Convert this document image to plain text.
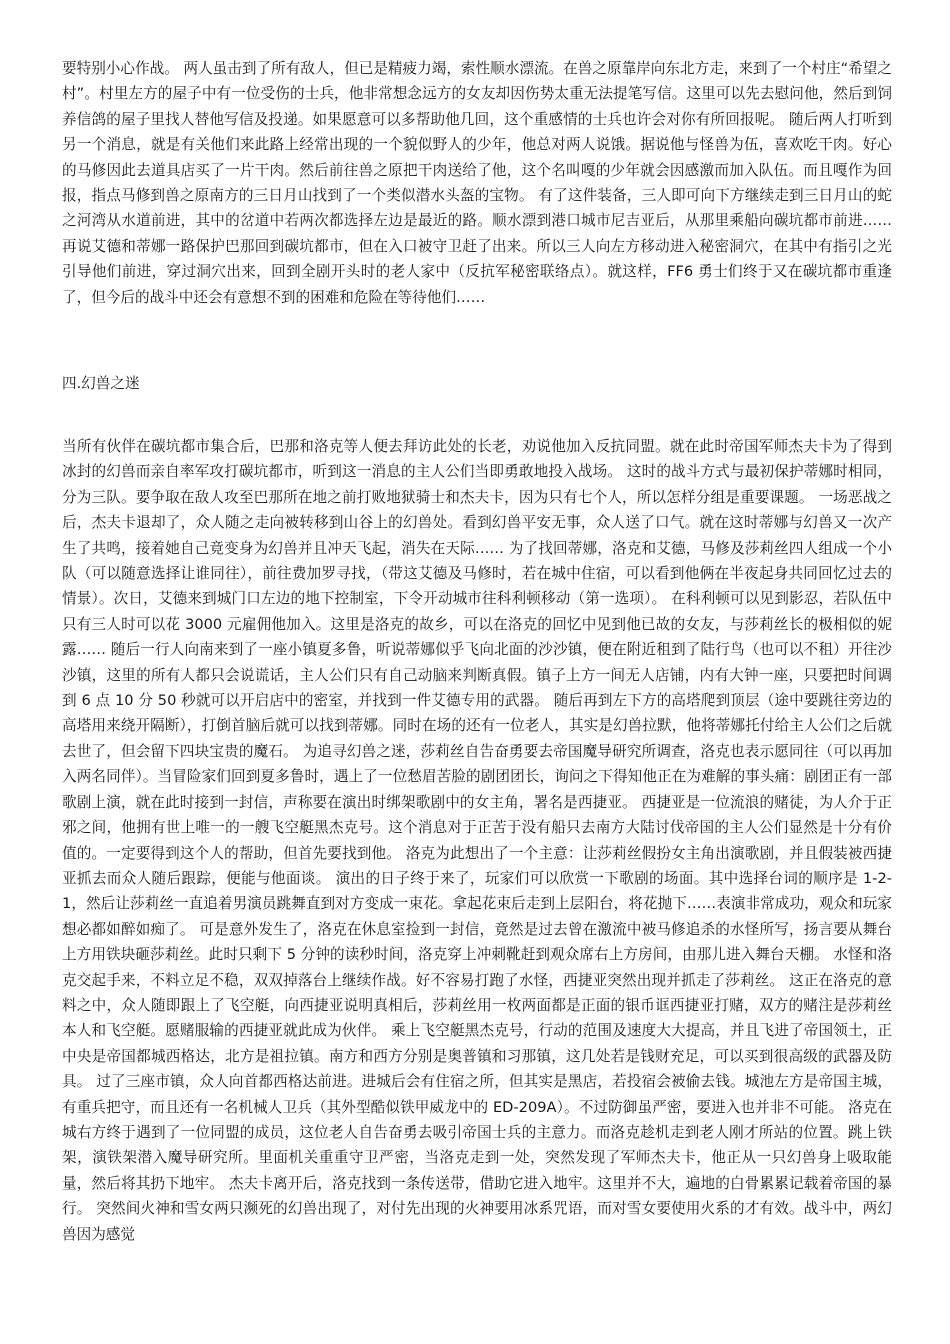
要特别小心作战。 两人虽击到了所有敌人，但已是精疲力竭，索性顺水漂流。在兽之原靠岸向东北方走，来到了一个村庄“希望之村”。村里左方的屋子中有一位受伤的士兵，他非常想念远方的女友却因伤势太重无法提笔写信。这里可以先去慰问他，然后到饲养信鸽的屋子里找人替他写信及投递。如果愿意可以多帮助他几回，这个重感情的士兵也许会对你有所回报呢。 随后两人打听到另一个消息，就是有关他们来此路上经常出现的一个貌似野人的少年，他总对两人说饿。据说他与怪兽为伍，喜欢吃干肉。好心的马修因此去道具店买了一片干肉。然后前往兽之原把干肉送给了他，这个名叫嘎的少年就会因感激而加入队伍。而且嘎作为回报，指点马修到兽之原南方的三日月山找到了一个类似潜水头盔的宝物。 有了这件装备，三人即可向下方继续走到三日月山的蛇之河湾从水道前进，其中的岔道中若两次都选择左边是最近的路。顺水漂到港口城市尼吉亚后，从那里乘船向碳坑都市前进…… 再说艾德和蒂娜一路保护巴那回到碳坑都市，但在入口被守卫赶了出来。所以三人向左方移动进入秘密洞穴，在其中有指引之光引导他们前进，穿过洞穴出来，回到全剧开头时的老人家中（反抗军秘密联络点）。就这样，FF6 勇士们终于又在碳坑都市重逢了，但今后的战斗中还会有意想不到的困难和危险在等待他们……

四.幻兽之迷

当所有伙伴在碳坑都市集合后，巴那和洛克等人便去拜访此处的长老，劝说他加入反抗同盟。就在此时帝国军师杰夫卡为了得到冰封的幻兽而亲自率军攻打碳坑都市，听到这一消息的主人公们当即勇敢地投入战场。 这时的战斗方式与最初保护蒂娜时相同，分为三队。要争取在敌人攻至巴那所在地之前打败地狱骑士和杰夫卡，因为只有七个人，所以怎样分组是重要课题。 一场恶战之后，杰夫卡退却了，众人随之走向被转移到山谷上的幻兽处。看到幻兽平安无事，众人送了口气。就在这时蒂娜与幻兽又一次产生了共鸣，接着她自己竟变身为幻兽并且冲天飞起，消失在天际…… 为了找回蒂娜，洛克和艾德，马修及莎莉丝四人组成一个小队（可以随意选择让谁同往），前往费加罗寻找，（带这艾德及马修时，若在城中住宿，可以看到他俩在半夜起身共同回忆过去的情景）。次日，艾德来到城门口左边的地下控制室，下令开动城市往科利顿移动（第一选项）。 在科利顿可以见到影忍，若队伍中只有三人时可以花 3000 元雇佣他加入。这里是洛克的故乡，可以在洛克的回忆中见到他已故的女友，与莎莉丝长的极相似的妮露…… 随后一行人向南来到了一座小镇夏多鲁，听说蒂娜似乎飞向北面的沙沙镇，便在附近租到了陆行鸟（也可以不租）开往沙沙镇，这里的所有人都只会说谎话，主人公们只有自己动脑来判断真假。镇子上方一间无人店铺，内有大钟一座，只要把时间调到 6 点 10 分 50 秒就可以开启店中的密室，并找到一件艾德专用的武器。 随后再到左下方的高塔爬到顶层（途中要跳往旁边的高塔用来绕开隔断），打倒首脑后就可以找到蒂娜。同时在场的还有一位老人，其实是幻兽拉默，他将蒂娜托付给主人公们之后就去世了，但会留下四块宝贵的魔石。 为追寻幻兽之迷，莎莉丝自告奋勇要去帝国魔导研究所调查，洛克也表示愿同往（可以再加入两名同伴）。当冒险家们回到夏多鲁时，遇上了一位愁眉苦脸的剧团团长，询问之下得知他正在为难解的事头痛：剧团正有一部歌剧上演，就在此时接到一封信，声称要在演出时绑架歌剧中的女主角，署名是西捷亚。 西捷亚是一位流浪的赌徒，为人介于正邪之间，他拥有世上唯一的一艘飞空艇黑杰克号。这个消息对于正苦于没有船只去南方大陆讨伐帝国的主人公们显然是十分有价值的。一定要得到这个人的帮助，但首先要找到他。 洛克为此想出了一个主意：让莎莉丝假扮女主角出演歌剧，并且假装被西捷亚抓去而众人随后跟踪，便能与他面谈。 演出的日子终于来了，玩家们可以欣赏一下歌剧的场面。其中选择台词的顺序是 1-2-1，然后让莎莉丝一直追着男演员跳舞直到对方变成一束花。拿起花束后走到上层阳台，将花抛下……表演非常成功，观众和玩家想必都如醉如痴了。 可是意外发生了，洛克在休息室捡到一封信，竟然是过去曾在激流中被马修追杀的水怪所写，扬言要从舞台上方用铁块砸莎莉丝。此时只剩下 5 分钟的读秒时间，洛克穿上冲刺靴赶到观众席右上方房间，由那儿进入舞台天棚。 水怪和洛克交起手来，不料立足不稳，双双掉落台上继续作战。好不容易打跑了水怪，西捷亚突然出现并抓走了莎莉丝。 这正在洛克的意料之中，众人随即跟上了飞空艇，向西捷亚说明真相后，莎莉丝用一枚两面都是正面的银币诓西捷亚打赌，双方的赌注是莎莉丝本人和飞空艇。愿赌服输的西捷亚就此成为伙伴。 乘上飞空艇黑杰克号，行动的范围及速度大大提高，并且飞进了帝国领土，正中央是帝国都城西格达，北方是祖拉镇。南方和西方分别是奥普镇和习那镇，这几处若是钱财充足，可以买到很高级的武器及防具。 过了三座市镇，众人向首都西格达前进。进城后会有住宿之所，但其实是黑店，若投宿会被偷去钱。城池左方是帝国主城，有重兵把守，而且还有一名机械人卫兵（其外型酷似铁甲威龙中的 ED-209A）。不过防御虽严密，要进入也并非不可能。 洛克在城右方终于遇到了一位同盟的成员，这位老人自告奋勇去吸引帝国士兵的主意力。而洛克趁机走到老人刚才所站的位置。跳上铁架，演铁架潜入魔导研究所。里面机关重重守卫严密，当洛克走到一处，突然发现了军师杰夫卡，他正从一只幻兽身上吸取能量，然后将其扔下地牢。 杰夫卡离开后，洛克找到一条传送带，借助它进入地牢。这里并不大，遍地的白骨累累记载着帝国的暴行。 突然间火神和雪女两只濒死的幻兽出现了，对付先出现的火神要用冰系咒语，而对雪女要使用火系的才有效。战斗中，两幻兽因为感觉
